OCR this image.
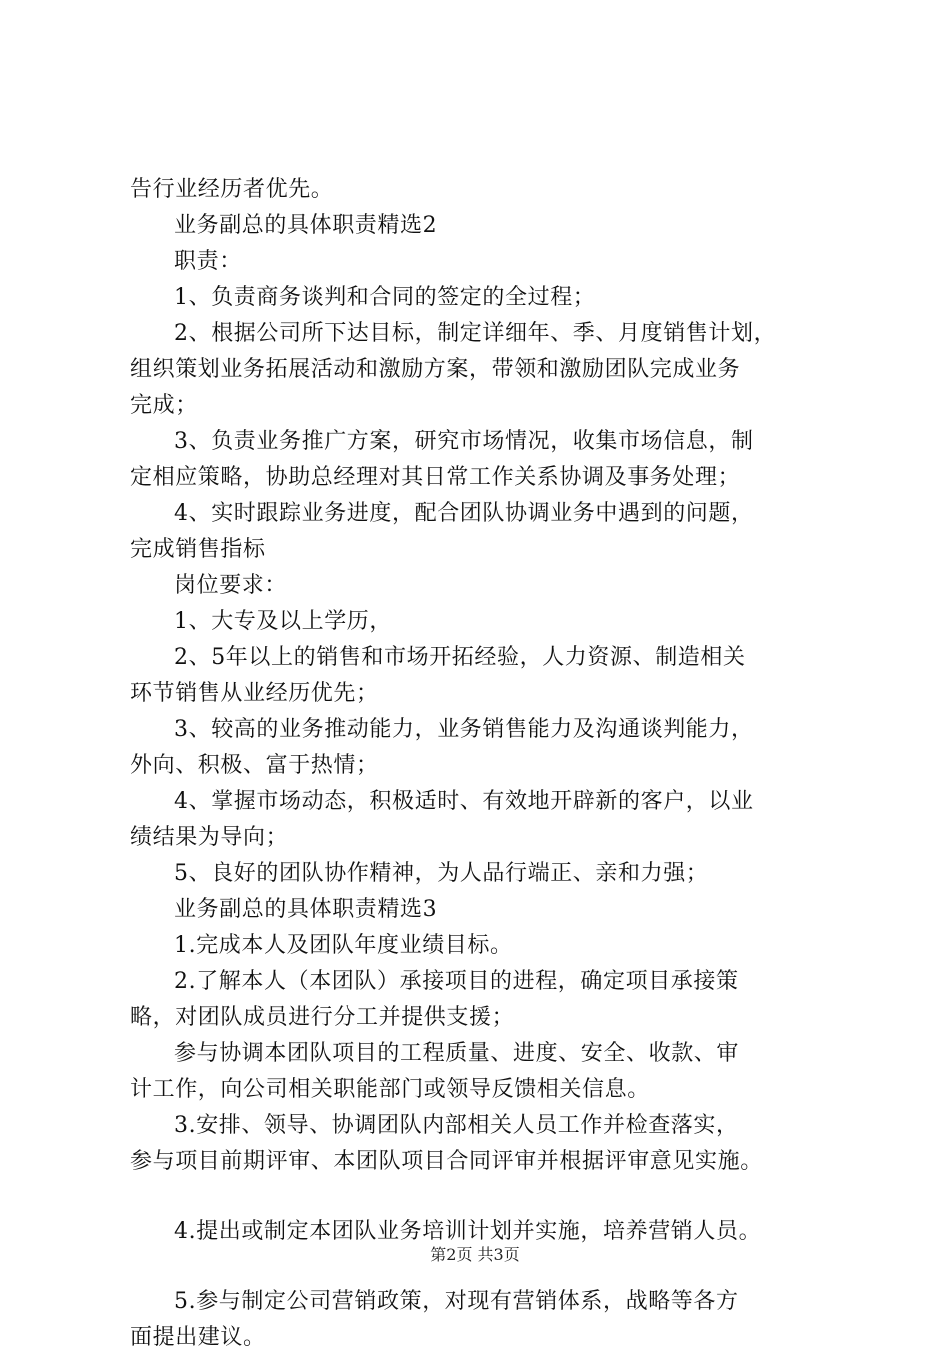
告行业经历者优先。
业务副总的具体职责精选2
职责：
1、负责商务谈判和合同的签定的全过程；
2、根据公司所下达目标，制定详细年、季、月度销售计划，
组织策划业务拓展活动和激励方案，带领和激励团队完成业务
完成；
3、负责业务推广方案，研究市场情况，收集市场信息，制
定相应策略，协助总经理对其日常工作关系协调及事务处理；
4、实时跟踪业务进度，配合团队协调业务中遇到的问题，
完成销售指标
岗位要求：
1、大专及以上学历，
2、5年以上的销售和市场开拓经验，人力资源、制造相关
环节销售从业经历优先；
3、较高的业务推动能力，业务销售能力及沟通谈判能力，
外向、积极、富于热情；
4、掌握市场动态，积极适时、有效地开辟新的客户，以业
绩结果为导向；
5、良好的团队协作精神，为人品行端正、亲和力强；
业务副总的具体职责精选3
1.完成本人及团队年度业绩目标。
2.了解本人（本团队）承接项目的进程，确定项目承接策
略，对团队成员进行分工并提供支援；
参与协调本团队项目的工程质量、进度、安全、收款、审
计工作，向公司相关职能部门或领导反馈相关信息。
3.安排、领导、协调团队内部相关人员工作并检查落实，
参与项目前期评审、本团队项目合同评审并根据评审意见实施。
4.提出或制定本团队业务培训计划并实施，培养营销人员。
5.参与制定公司营销政策，对现有营销体系，战略等各方
面提出建议。
第2页 共3页
